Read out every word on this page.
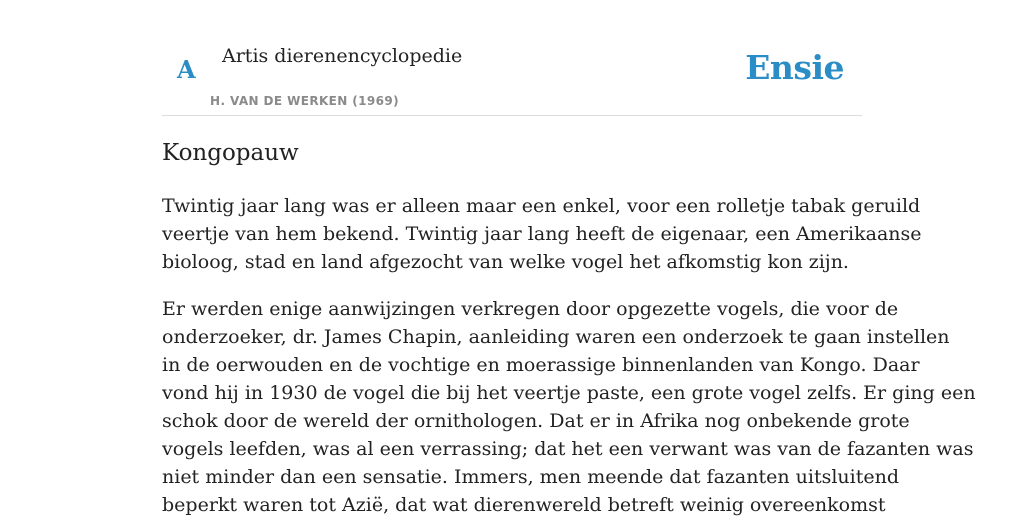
A Artis dierenencyclopedie
H. VAN DE WERKEN (1969)
Ensie
Kongopauw

Twintig jaar lang was er alleen maar een enkel, voor een rolletje tabak geruild
veertje van hem bekend. Twintig jaar lang heeft de eigenaar, een Amerikaanse
bioloog, stad en land afgezocht van welke vogel het afkomstig kon zijn.

Er werden enige aanwijzingen verkregen door opgezette vogels, die voor de
onderzoeker, dr. James Chapin, aanleiding waren een onderzoek te gaan instellen
in de oerwouden en de vochtige en moerassige binnenlanden van Kongo. Daar
vond hij in 1930 de vogel die bij het veertje paste, een grote vogel zelfs. Er ging een
schok door de wereld der ornithologen. Dat er in Afrika nog onbekende grote
vogels leefden, was al een verrassing; dat het een verwant was van de fazanten was
niet minder dan een sensatie. Immers, men meende dat fazanten uitsluitend
beperkt waren tot Azië, dat wat dierenwereld betreft weinig overeenkomst
